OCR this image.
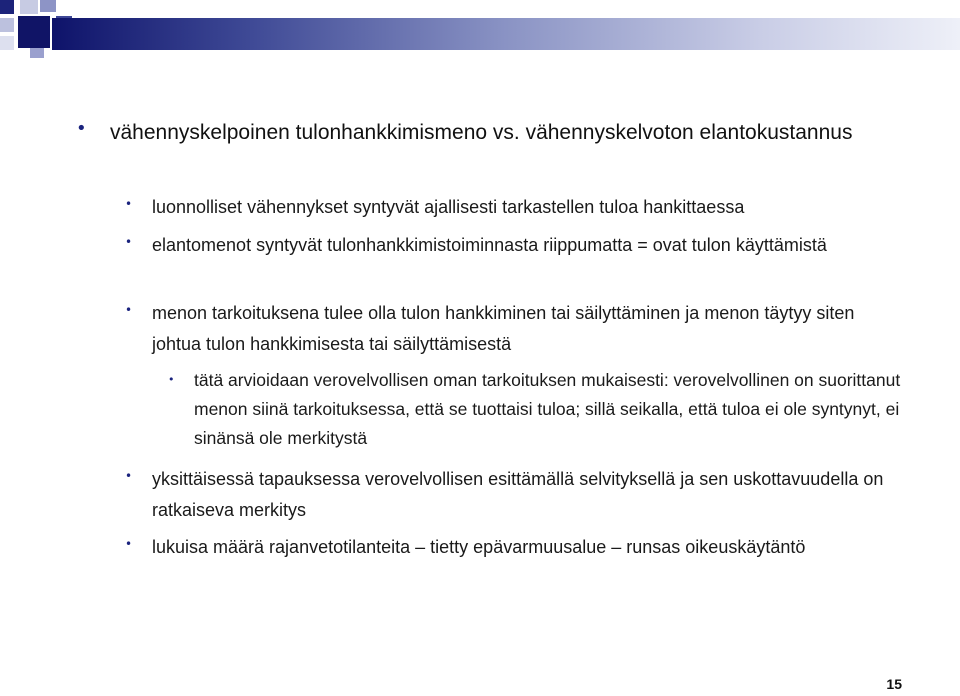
• vähennyskelpoinen tulonhankkimismeno vs. vähennyskelvoton elantokustannus

• luonnolliset vähennykset syntyvät ajallisesti tarkastellen tuloa hankittaessa

• elantomenot syntyvät tulonhankkimistoiminnasta riippumatta = ovat tulon käyttämistä

• menon tarkoituksena tulee olla tulon hankkiminen tai säilyttäminen ja menon täytyy siten johtua tulon hankkimisesta tai säilyttämisestä

• tätä arvioidaan verovelvollisen oman tarkoituksen mukaisesti: verovelvollinen on suorittanut menon siinä tarkoituksessa, että se tuottaisi tuloa; sillä seikalla, että tuloa ei ole syntynyt, ei sinänsä ole merkitystä

• yksittäisessä tapauksessa verovelvollisen esittämällä selvityksellä ja sen uskottavuudella on ratkaiseva merkitys

• lukuisa määrä rajanvetotilanteita – tietty epävarmuusalue – runsas oikeuskäytäntö

15
